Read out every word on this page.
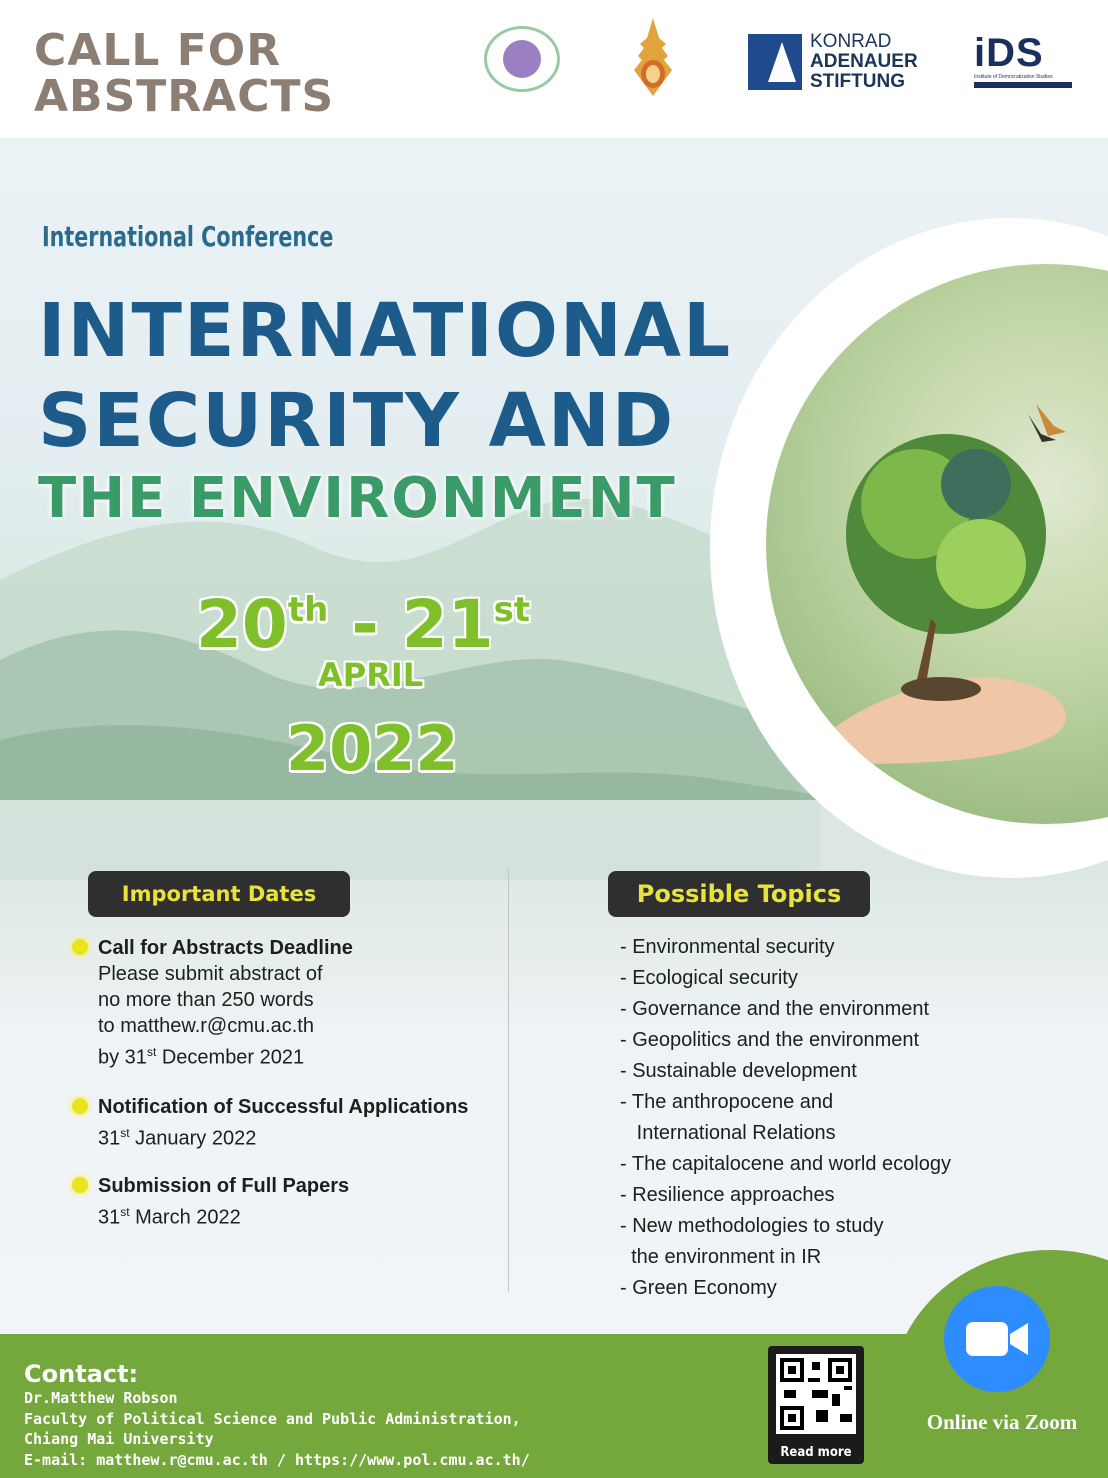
CALL FOR
ABSTRACTS
KONRAD
ADENAUER
STIFTUNG
iDS
Institute of Democratization Studies
International Conference
INTERNATIONAL
SECURITY AND
THE ENVIRONMENT
20th - 21st
APRIL
2022
Important Dates	Possible Topics
Call for Abstracts Deadline
Please submit abstract of
no more than 250 words
to matthew.r@cmu.ac.th
by 31st December 2021
Notification of Successful Applications
31st January 2022
Submission of Full Papers
31st March 2022
- Environmental security
- Ecological security
- Governance and the environment
- Geopolitics and the environment
- Sustainable development
- The anthropocene and
International Relations
- The capitalocene and world ecology
- Resilience approaches
- New methodologies to study
the environment in IR
- Green Economy
Contact:
Dr.Matthew Robson
Faculty of Political Science and Public Administration,
Chiang Mai University
E-mail: matthew.r@cmu.ac.th / https://www.pol.cmu.ac.th/	Read more
Online via Zoom
